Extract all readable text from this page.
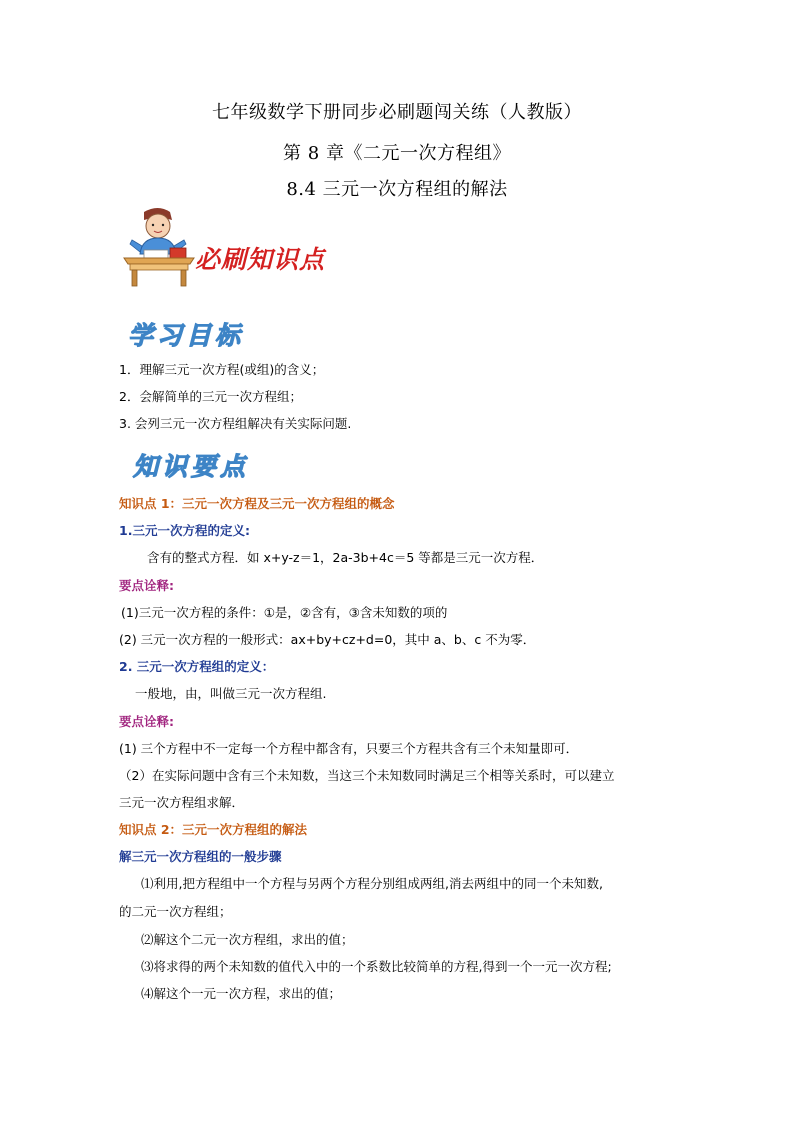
七年级数学下册同步必刷题闯关练（人教版）
第 8 章《二元一次方程组》
8.4 三元一次方程组的解法
必刷知识点
学习目标
1．理解三元一次方程(或组)的含义；
2．会解简单的三元一次方程组；
3. 会列三元一次方程组解决有关实际问题.
知识要点
知识点 1：三元一次方程及三元一次方程组的概念
1.三元一次方程的定义:
含有的整式方程．如 x+y-z＝1，2a-3b+4c＝5 等都是三元一次方程．
要点诠释:
(1)三元一次方程的条件：①是，②含有，③含未知数的项的
(2) 三元一次方程的一般形式：ax+by+cz+d=0，其中 a、b、c 不为零．
2. 三元一次方程组的定义：
一般地，由，叫做三元一次方程组.
要点诠释:
(1) 三个方程中不一定每一个方程中都含有，只要三个方程共含有三个未知量即可．
（2）在实际问题中含有三个未知数，当这三个未知数同时满足三个相等关系时，可以建立
三元一次方程组求解．
知识点 2：三元一次方程组的解法
解三元一次方程组的一般步骤
⑴利用,把方程组中一个方程与另两个方程分别组成两组,消去两组中的同一个未知数,
的二元一次方程组；
⑵解这个二元一次方程组，求出的值；
⑶将求得的两个未知数的值代入中的一个系数比较简单的方程,得到一个一元一次方程;
⑷解这个一元一次方程，求出的值；
